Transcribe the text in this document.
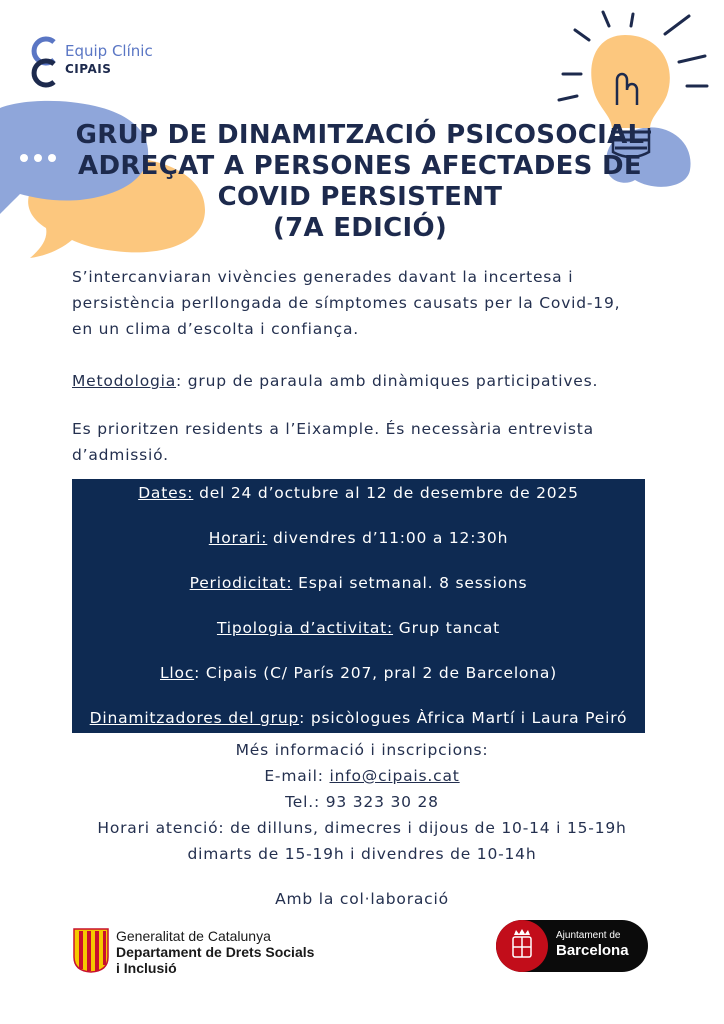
Equip Clínic
CIPAIS
GRUP DE DINAMITZACIÓ PSICOSOCIAL
ADREÇAT A PERSONES AFECTADES DE
COVID PERSISTENT
(7A EDICIÓ)
S’intercanviaran vivències generades davant la incertesa i
persistència perllongada de símptomes causats per la Covid-19,
en un clima d’escolta i confiança.
Metodologia: grup de paraula amb dinàmiques participatives.
Es prioritzen residents a l’Eixample. És necessària entrevista
d’admissió.
Dates: del 24 d’octubre al 12 de desembre de 2025
Horari: divendres d’11:00 a 12:30h
Periodicitat: Espai setmanal. 8 sessions
Tipologia d’activitat: Grup tancat
Lloc: Cipais (C/ París 207, pral 2 de Barcelona)
Dinamitzadores del grup: psicòlogues Àfrica Martí i Laura Peiró
Més informació i inscripcions:
E-mail: info@cipais.cat
Tel.: 93 323 30 28
Horari atenció: de dilluns, dimecres i dijous de 10-14 i 15-19h
dimarts de 15-19h i divendres de 10-14h
Amb la col·laboració
Generalitat de Catalunya
Departament de Drets Socials
i Inclusió
Ajuntament de
Barcelona
